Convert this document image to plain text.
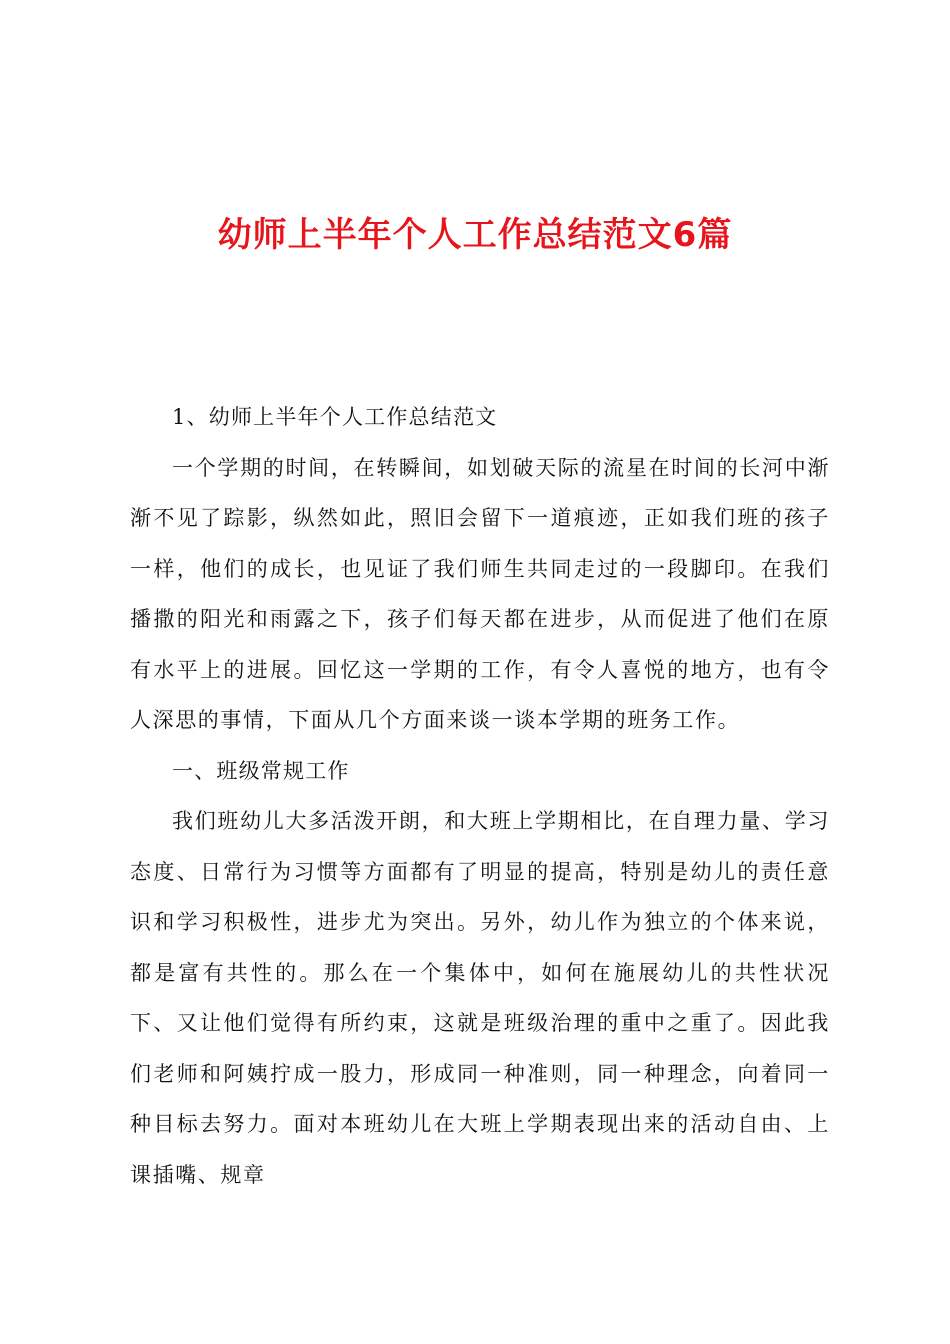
幼师上半年个人工作总结范文6篇

1、幼师上半年个人工作总结范文

一个学期的时间，在转瞬间，如划破天际的流星在时间的长河中渐渐不见了踪影，纵然如此，照旧会留下一道痕迹，正如我们班的孩子一样，他们的成长，也见证了我们师生共同走过的一段脚印。在我们播撒的阳光和雨露之下，孩子们每天都在进步，从而促进了他们在原有水平上的进展。回忆这一学期的工作，有令人喜悦的地方，也有令人深思的事情，下面从几个方面来谈一谈本学期的班务工作。

一、班级常规工作

我们班幼儿大多活泼开朗，和大班上学期相比，在自理力量、学习态度、日常行为习惯等方面都有了明显的提高，特别是幼儿的责任意识和学习积极性，进步尤为突出。另外，幼儿作为独立的个体来说，都是富有共性的。那么在一个集体中，如何在施展幼儿的共性状况下、又让他们觉得有所约束，这就是班级治理的重中之重了。因此我们老师和阿姨拧成一股力，形成同一种准则，同一种理念，向着同一种目标去努力。面对本班幼儿在大班上学期表现出来的活动自由、上课插嘴、规章
